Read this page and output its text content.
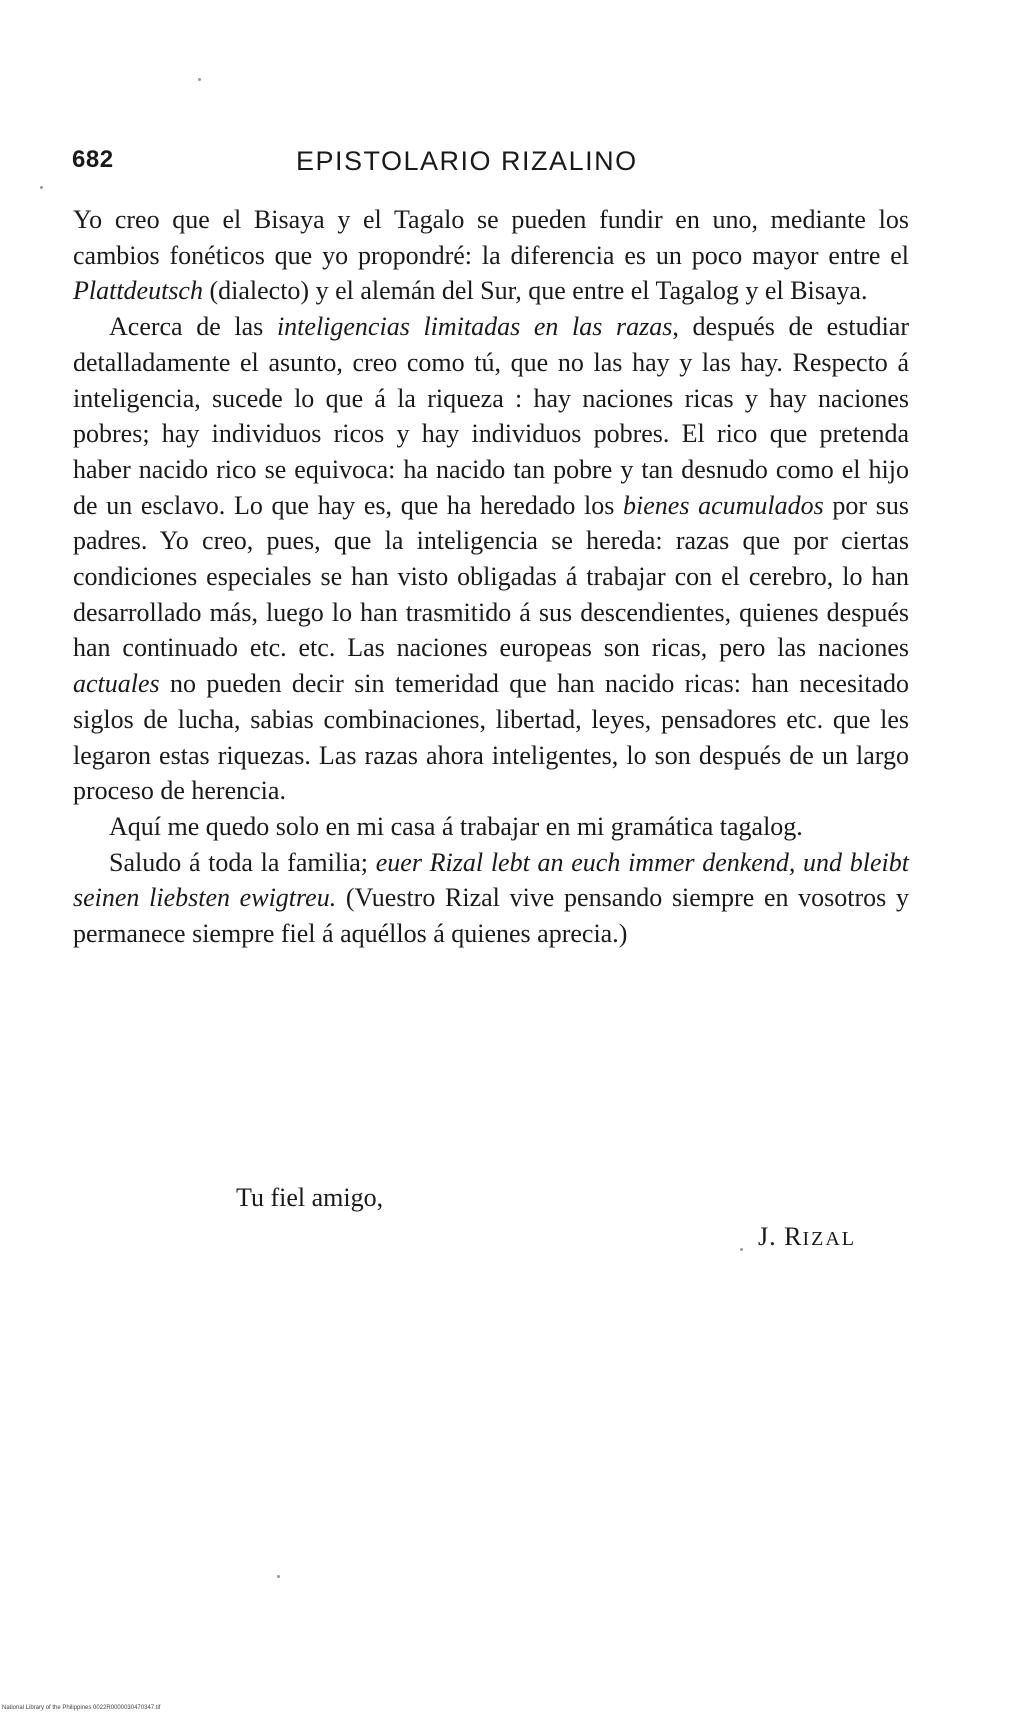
682	EPISTOLARIO RIZALINO

Yo creo que el Bisaya y el Tagalo se pueden fundir en uno, mediante los cambios fonéticos que yo propondré: la diferencia es un poco mayor entre el Plattdeutsch (dialecto) y el alemán del Sur, que entre el Tagalog y el Bisaya.

Acerca de las inteligencias limitadas en las razas, después de estudiar detalladamente el asunto, creo como tú, que no las hay y las hay. Respecto á inteligencia, sucede lo que á la riqueza : hay naciones ricas y hay naciones pobres; hay individuos ricos y hay individuos pobres. El rico que pretenda haber nacido rico se equivoca: ha nacido tan pobre y tan desnudo como el hijo de un esclavo. Lo que hay es, que ha heredado los bienes acumulados por sus padres. Yo creo, pues, que la inteligencia se hereda: razas que por ciertas condiciones especiales se han visto obligadas á trabajar con el cerebro, lo han desarrollado más, luego lo han trasmitido á sus descendientes, quienes después han continuado etc. etc. Las naciones europeas son ricas, pero las naciones actuales no pueden decir sin temeridad que han nacido ricas: han necesitado siglos de lucha, sabias combinaciones, libertad, leyes, pensadores etc. que les legaron estas riquezas. Las razas ahora inteligentes, lo son después de un largo proceso de herencia.

Aquí me quedo solo en mi casa á trabajar en mi gramática tagalog.

Saludo á toda la familia; euer Rizal lebt an euch immer denkend, und bleibt seinen liebsten ewigtreu. (Vuestro Rizal vive pensando siempre en vosotros y permanece siempre fiel á aquéllos á quienes aprecia.)

Tu fiel amigo,
J. RIZAL
National Library of the Philippines 0022R0000030470347.tif
